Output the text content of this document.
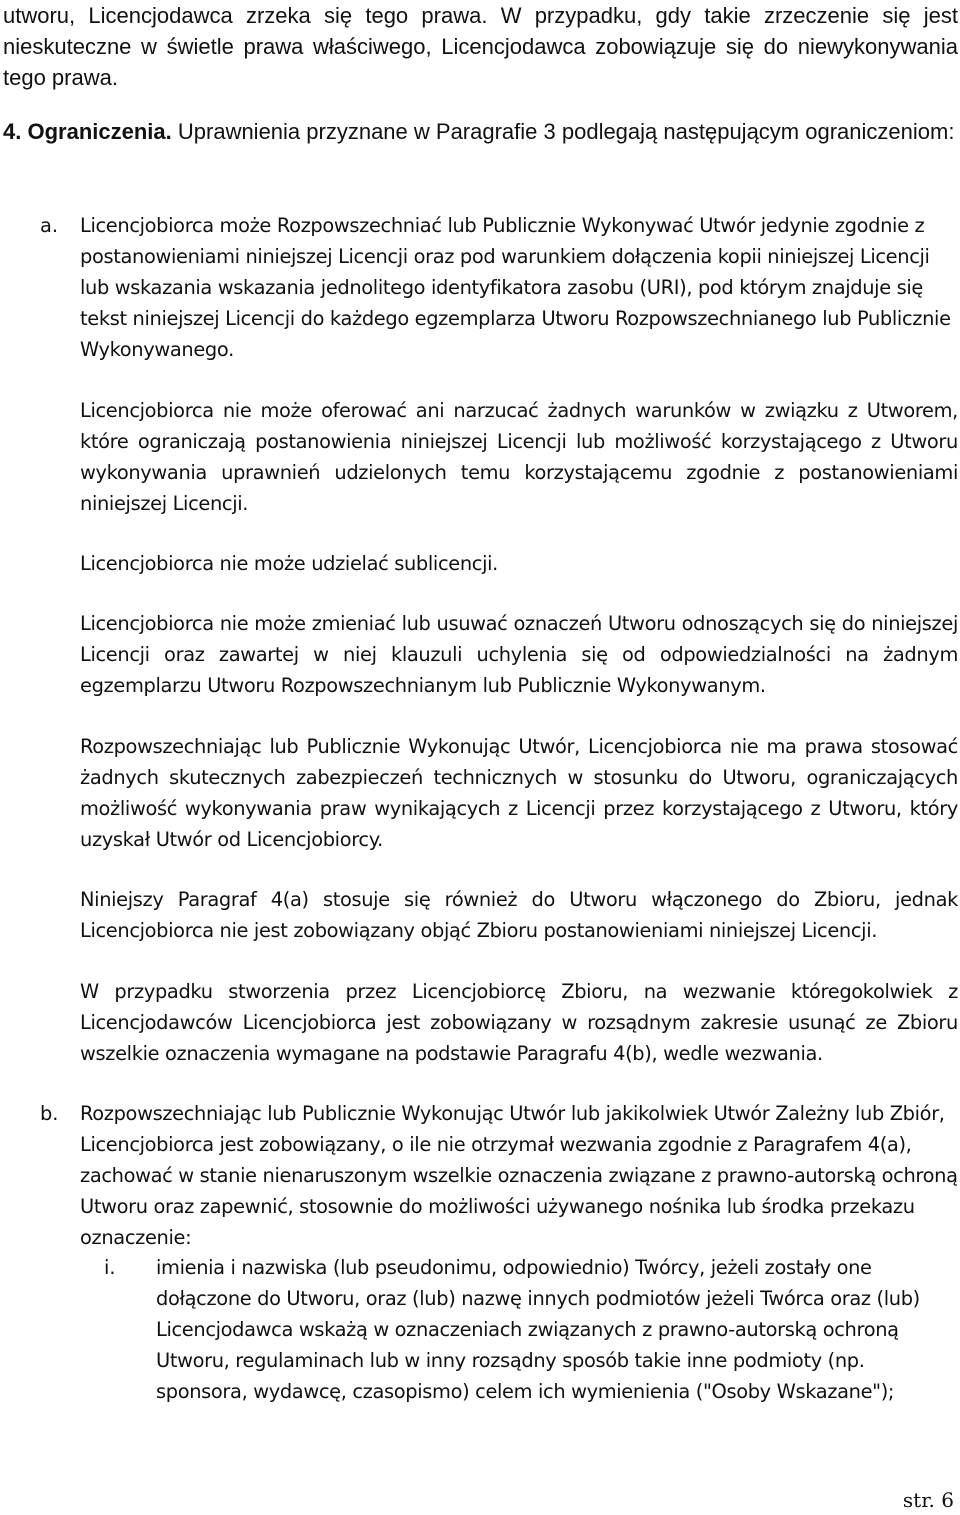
utworu, Licencjodawca zrzeka się tego prawa. W przypadku, gdy takie zrzeczenie się jest nieskuteczne w świetle prawa właściwego, Licencjodawca zobowiązuje się do niewykonywania tego prawa.

4. Ograniczenia. Uprawnienia przyznane w Paragrafie 3 podlegają następującym ograniczeniom:

a. Licencjobiorca może Rozpowszechniać lub Publicznie Wykonywać Utwór jedynie zgodnie z postanowieniami niniejszej Licencji oraz pod warunkiem dołączenia kopii niniejszej Licencji lub wskazania wskazania jednolitego identyfikatora zasobu (URI), pod którym znajduje się tekst niniejszej Licencji do każdego egzemplarza Utworu Rozpowszechnianego lub Publicznie Wykonywanego.

Licencjobiorca nie może oferować ani narzucać żadnych warunków w związku z Utworem, które ograniczają postanowienia niniejszej Licencji lub możliwość korzystającego z Utworu wykonywania uprawnień udzielonych temu korzystającemu zgodnie z postanowieniami niniejszej Licencji.

Licencjobiorca nie może udzielać sublicencji.

Licencjobiorca nie może zmieniać lub usuwać oznaczeń Utworu odnoszących się do niniejszej Licencji oraz zawartej w niej klauzuli uchylenia się od odpowiedzialności na żadnym egzemplarzu Utworu Rozpowszechnianym lub Publicznie Wykonywanym.

Rozpowszechniając lub Publicznie Wykonując Utwór, Licencjobiorca nie ma prawa stosować żadnych skutecznych zabezpieczeń technicznych w stosunku do Utworu, ograniczających możliwość wykonywania praw wynikających z Licencji przez korzystającego z Utworu, który uzyskał Utwór od Licencjobiorcy.

Niniejszy Paragraf 4(a) stosuje się również do Utworu włączonego do Zbioru, jednak Licencjobiorca nie jest zobowiązany objąć Zbioru postanowieniami niniejszej Licencji.

W przypadku stworzenia przez Licencjobiorcę Zbioru, na wezwanie któregokolwiek z Licencjodawców Licencjobiorca jest zobowiązany w rozsądnym zakresie usunąć ze Zbioru wszelkie oznaczenia wymagane na podstawie Paragrafu 4(b), wedle wezwania.

b. Rozpowszechniając lub Publicznie Wykonując Utwór lub jakikolwiek Utwór Zależny lub Zbiór, Licencjobiorca jest zobowiązany, o ile nie otrzymał wezwania zgodnie z Paragrafem 4(a), zachować w stanie nienaruszonym wszelkie oznaczenia związane z prawno-autorską ochroną Utworu oraz zapewnić, stosownie do możliwości używanego nośnika lub środka przekazu oznaczenie:

i. imienia i nazwiska (lub pseudonimu, odpowiednio) Twórcy, jeżeli zostały one dołączone do Utworu, oraz (lub) nazwę innych podmiotów jeżeli Twórca oraz (lub) Licencjodawca wskażą w oznaczeniach związanych z prawno-autorską ochroną Utworu, regulaminach lub w inny rozsądny sposób takie inne podmioty (np. sponsora, wydawcę, czasopismo) celem ich wymienienia ("Osoby Wskazane");

str. 6
